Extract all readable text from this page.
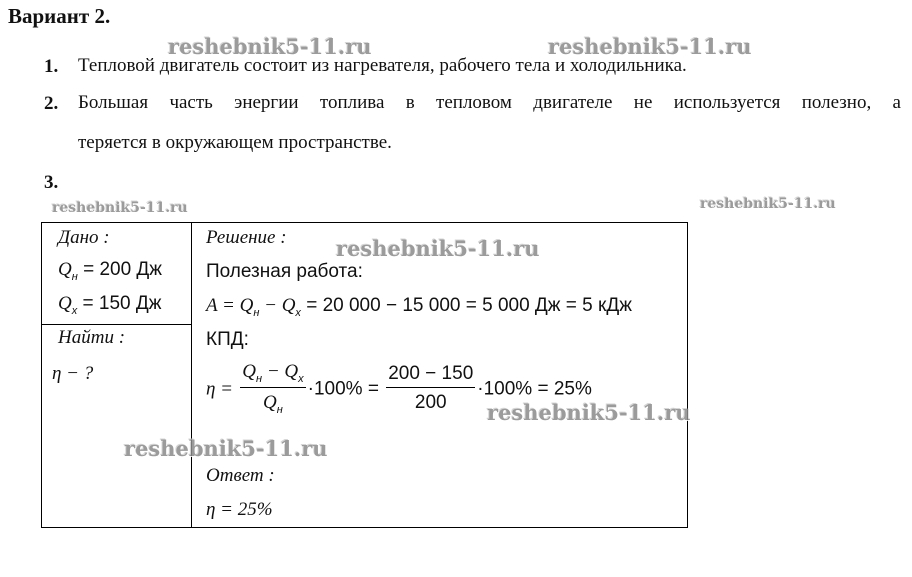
Вариант 2.
reshebnik5-11.ru	reshebnik5-11.ru
reshebnik5-11.ru	reshebnik5-11.ru
1. Тепловой двигатель состоит из нагревателя, рабочего тела и холодильника.
2. Большая часть энергии топлива в тепловом двигателе не используется полезно, а
теряется в окружающем пространстве.
3.
Дано :
$Q_н = 200$ Дж
$Q_х = 150$ Дж
Найти :
η − ?
Решение :
Полезная работа:
$A = Q_н - Q_х = 20$ 000 − 15 000 = 5 000 Дж = 5 кДж
КПД:
$\eta = \frac{Q_н - Q_х}{Q_н} \cdot 100\% = \frac{200 - 150}{200} \cdot 100\% = 25\%$
Ответ :
η = 25%
reshebnik5-11.ru
reshebnik5-11.ru
reshebnik5-11.ru
